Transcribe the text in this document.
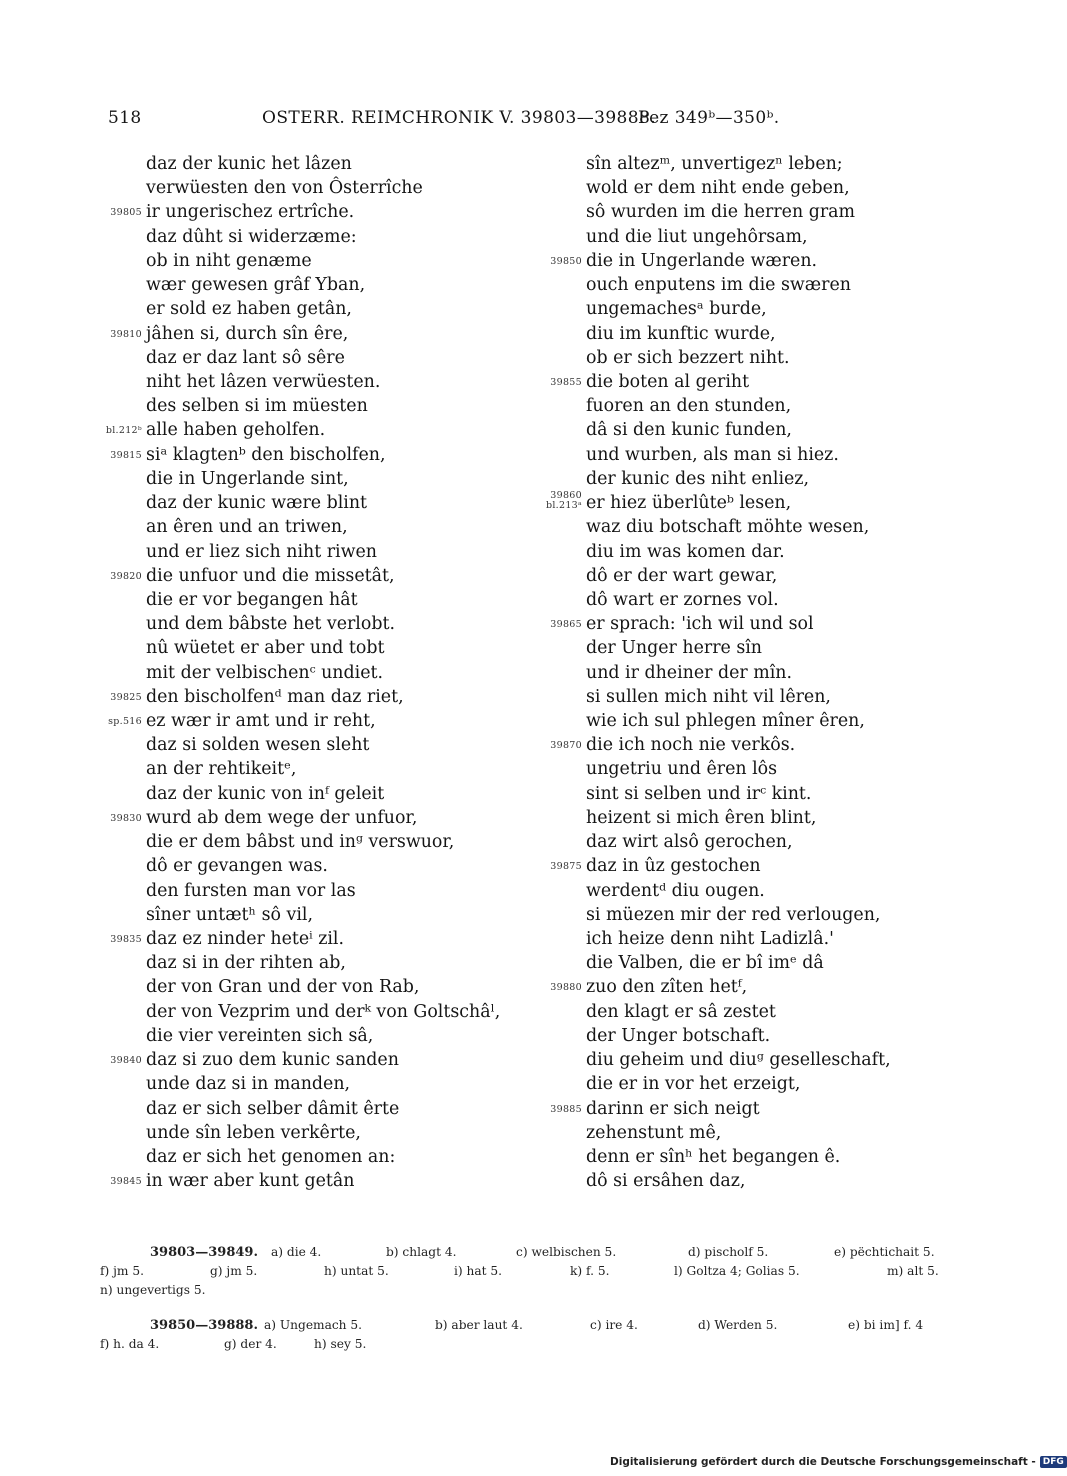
518	OSTERR. REIMCHRONIK V. 39803—39888.
Pez 349ᵇ—350ᵇ.
daz der kunic het lâzen
verwüesten den von Ôsterrîche
39805 ir ungerischez ertrîche.
daz dûht si widerzæme:
ob in niht genæme
wær gewesen grâf Yban,
er sold ez haben getân,
39810 jâhen si, durch sîn êre,
daz er daz lant sô sêre
niht het lâzen verwüesten.
des selben si im müesten
bl.212ᵇ alle haben geholfen.
39815 siᵃ klagtenᵇ den bischolfen,
die in Ungerlande sint,
daz der kunic wære blint
an êren und an triwen,
und er liez sich niht riwen
39820 die unfuor und die missetât,
die er vor begangen hât
und dem bâbste het verlobt.
nû wüetet er aber und tobt
mit der velbischenᶜ undiet.
39825 den bischolfenᵈ man daz riet,
sp.516 ez wær ir amt und ir reht,
daz si solden wesen sleht
an der rehtikeitᵉ,
daz der kunic von inᶠ geleit
39830 wurd ab dem wege der unfuor,
die er dem bâbst und inᵍ verswuor,
dô er gevangen was.
den fursten man vor las
sîner untætʰ sô vil,
39835 daz ez ninder heteⁱ zil.
daz si in der rihten ab,
der von Gran und der von Rab,
der von Vezprim und derᵏ von Goltschâˡ,
die vier vereinten sich sâ,
39840 daz si zuo dem kunic sanden
unde daz si in manden,
daz er sich selber dâmit êrte
unde sîn leben verkêrte,
daz er sich het genomen an:
39845 in wær aber kunt getân
sîn altezᵐ, unvertigezⁿ leben;
wold er dem niht ende geben,
sô wurden im die herren gram
und die liut ungehôrsam,
39850 die in Ungerlande wæren.
ouch enputens im die swæren
ungemachesᵃ burde,
diu im kunftic wurde,
ob er sich bezzert niht.
39855 die boten al geriht
fuoren an den stunden,
dâ si den kunic funden,
und wurben, als man si hiez.
der kunic des niht enliez,
39860
bl.213ᵃ er hiez überlûteᵇ lesen,
waz diu botschaft möhte wesen,
diu im was komen dar.
dô er der wart gewar,
dô wart er zornes vol.
39865 er sprach: 'ich wil und sol
der Unger herre sîn
und ir dheiner der mîn.
si sullen mich niht vil lêren,
wie ich sul phlegen mîner êren,
39870 die ich noch nie verkôs.
ungetriu und êren lôs
sint si selben und irᶜ kint.
heizent si mich êren blint,
daz wirt alsô gerochen,
39875 daz in ûz gestochen
werdentᵈ diu ougen.
si müezen mir der red verlougen,
ich heize denn niht Ladizlâ.'
die Valben, die er bî imᵉ dâ
39880 zuo den zîten hetᶠ,
den klagt er sâ zestet
der Unger botschaft.
diu geheim und diuᵍ geselleschaft,
die er in vor het erzeigt,
39885 darinn er sich neigt
zehenstunt mê,
denn er sînʰ het begangen ê.
dô si ersâhen daz,
39803—39849. a) die 4.	b) chlagt 4.	c) welbischen 5.	d) pischolf 5.	e) pëchtichait 5.
f) jm 5.	g) jm 5.	h) untat 5.	i) hat 5.	k) f. 5.	l) Goltza 4; Golias 5.	m) alt 5.
n) ungevertigs 5.
39850—39888. a) Ungemach 5.	b) aber laut 4.	c) ire 4.	d) Werden 5.	e) bi im] f. 4
f) h. da 4.	g) der 4.	h) sey 5.
Digitalisierung gefördert durch die Deutsche Forschungsgemeinschaft - DFG
